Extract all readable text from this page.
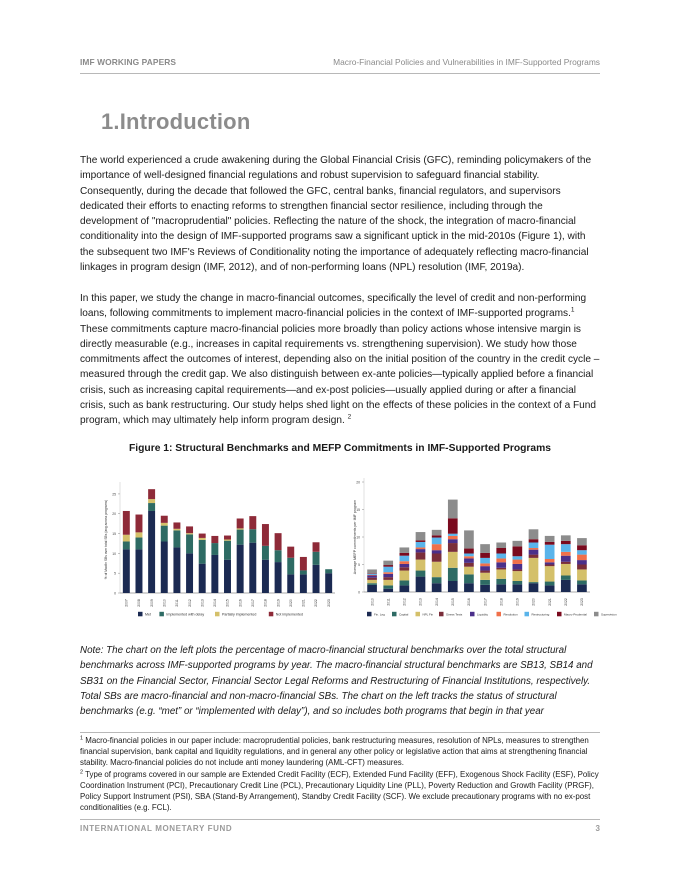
IMF WORKING PAPERS	Macro-Financial Policies and Vulnerabilities in IMF-Supported Programs
1.Introduction

The world experienced a crude awakening during the Global Financial Crisis (GFC), reminding policymakers of the importance of well-designed financial regulations and robust supervision to safeguard financial stability. Consequently, during the decade that followed the GFC, central banks, financial regulators, and supervisors dedicated their efforts to enacting reforms to strengthen financial sector resilience, including through the development of "macroprudential" policies. Reflecting the nature of the shock, the integration of macro-financial conditionality into the design of IMF-supported programs saw a significant uptick in the mid-2010s (Figure 1), with the subsequent two IMF's Reviews of Conditionality noting the importance of adequately reflecting macro-financial linkages in program design (IMF, 2012), and of non-performing loans (NPL) resolution (IMF, 2019a).

In this paper, we study the change in macro-financial outcomes, specifically the level of credit and non-performing loans, following commitments to implement macro-financial policies in the context of IMF-supported programs.$^1$ These commitments capture macro-financial policies more broadly than policy actions whose intensive margin is directly measurable (e.g., increases in capital requirements vs. strengthening supervision). We study how those commitments affect the outcomes of interest, depending also on the initial position of the country in the credit cycle – measured through the credit gap. We also distinguish between ex-ante policies—typically applied before a financial crisis, such as increasing capital requirements—and ex-post policies—usually applied during or after a financial crisis, such as bank restructuring. Our study helps shed light on the effects of these policies in the context of a Fund program, which may ultimately help inform program design. $^2$

Figure 1: Structural Benchmarks and MEFP Commitments in IMF-Supported Programs
0
5
10
15
20
25
% of Macfin SBs over total SBs (avg across programs)
2007	2008	2009	2010	2011	2012	2013	2014	2015	2016	2017	2018	2019	2020	2021	2022	2023
Met	Implemented with delay	Partially implemented	Not implemented
0
5
10
15
20
Average MEFP commitments per IMF program
2010	2011	2012	2013	2014	2015	2016	2017	2018	2019	2020	2021	2022	2023
Fin. Leg	Capital	NPL Fin	Stress Tests	Liquidity	Resolution	Restructuring	Macro-Prudential	Supervision

Note: The chart on the left plots the percentage of macro-financial structural benchmarks over the total structural benchmarks across IMF-supported programs by year. The macro-financial structural benchmarks are SB13, SB14 and SB31 on the Financial Sector, Financial Sector Legal Reforms and Restructuring of Financial Institutions, respectively. Total SBs are macro-financial and non-macro-financial SBs. The chart on the left tracks the status of structural benchmarks (e.g. “met” or “implemented with delay”), and so includes both programs that begin in that year

$^1$ Macro-financial policies in our paper include: macroprudential policies, bank restructuring measures, resolution of NPLs, measures to strengthen financial supervision, bank capital and liquidity regulations, and in general any other policy or legislative action that aims at strengthening financial stability. Macro-financial policies do not include anti money laundering (AML-CFT) measures.

$^2$ Type of programs covered in our sample are Extended Credit Facility (ECF), Extended Fund Facility (EFF), Exogenous Shock Facility (ESF), Policy Coordination Instrument (PCI), Precautionary Credit Line (PCL), Precautionary Liquidity Line (PLL), Poverty Reduction and Growth Facility (PRGF), Policy Support Instrument (PSI), SBA (Stand-By Arrangement), Standby Credit Facility (SCF). We exclude precautionary programs with no ex-post conditionalities (e.g. FCL).

INTERNATIONAL MONETARY FUND	3
